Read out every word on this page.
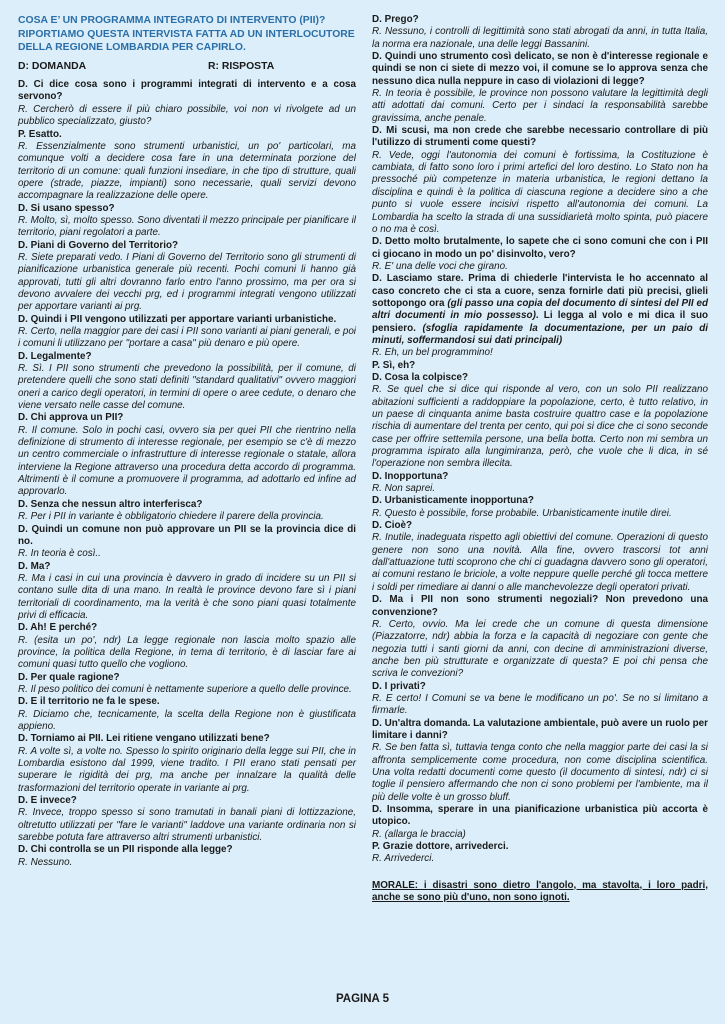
COSA E’ UN PROGRAMMA INTEGRATO DI INTERVENTO (PII)?
RIPORTIAMO QUESTA INTERVISTA FATTA AD UN INTERLOCUTORE DELLA REGIONE LOMBARDIA PER CAPIRLO.

D: DOMANDA	R: RISPOSTA

D. Ci dice cosa sono i programmi integrati di intervento e a cosa servono?

R. Cercherò di essere il più chiaro possibile, voi non vi rivolgete ad un pubblico specializzato, giusto?

P. Esatto.

R. Essenzialmente sono strumenti urbanistici, un po' particolari, ma comunque volti a decidere cosa fare in una determinata porzione del territorio di un comune: quali funzioni insediare, in che tipo di strutture, quali opere (strade, piazze, impianti) sono necessarie, quali servizi devono accompagnare la realizzazione delle opere.

D. Si usano spesso?

R. Molto, sì, molto spesso. Sono diventati il mezzo principale per pianificare il territorio, piani regolatori a parte.

D. Piani di Governo del Territorio?

R. Siete preparati vedo. I Piani di Governo del Territorio sono gli strumenti di pianificazione urbanistica generale più recenti. Pochi comuni li hanno già approvati, tutti gli altri dovranno farlo entro l'anno prossimo, ma per ora si devono avvalere dei vecchi prg, ed i programmi integrati vengono utilizzati per apportare varianti ai prg.

D. Quindi i PII vengono utilizzati per apportare varianti urbanistiche.

R. Certo, nella maggior pare dei casi i PII sono varianti ai piani generali, e poi i comuni li utilizzano per "portare a casa" più denaro e più opere.

D. Legalmente?

R. Sì. I PII sono strumenti che prevedono la possibilità, per il comune, di pretendere quelli che sono stati definiti "standard qualitativi" ovvero maggiori oneri a carico degli operatori, in termini di opere o aree cedute, o denaro che viene versato nelle casse del comune.

D. Chi approva un PII?

R. Il comune. Solo in pochi casi, ovvero sia per quei PII che rientrino nella definizione di strumento di interesse regionale, per esempio se c'è di mezzo un centro commerciale o infrastrutture di interesse regionale o statale, allora interviene la Regione attraverso una procedura detta accordo di programma. Altrimenti è il comune a promuovere il programma, ad adottarlo ed infine ad approvarlo.

D. Senza che nessun altro interferisca?

R. Per i PII in variante è obbligatorio chiedere il parere della provincia.

D. Quindi un comune non può approvare un PII se la provincia dice di no.

R. In teoria è così..

D. Ma?

R. Ma i casi in cui una provincia è davvero in grado di incidere su un PII si contano sulle dita di una mano. In realtà le province devono fare sì i piani territoriali di coordinamento, ma la verità è che sono piani quasi totalmente privi di efficacia.

D. Ah! E perché?

R. (esita un po', ndr) La legge regionale non lascia molto spazio alle province, la politica della Regione, in tema di territorio, è di lasciar fare ai comuni quasi tutto quello che vogliono.

D. Per quale ragione?

R. Il peso politico dei comuni è nettamente superiore a quello delle province.

D. E il territorio ne fa le spese.

R. Diciamo che, tecnicamente, la scelta della Regione non è giustificata appieno.

D. Torniamo ai PII. Lei ritiene vengano utilizzati bene?

R. A volte sì, a volte no. Spesso lo spirito originario della legge sui PII, che in Lombardia esistono dal 1999, viene tradito. I PII erano stati pensati per superare le rigidità dei prg, ma anche per innalzare la qualità delle trasformazioni del territorio operate in variante ai prg.

D. E invece?

R. Invece, troppo spesso si sono tramutati in banali piani di lottizzazione, oltretutto utilizzati per "fare le varianti" laddove una variante ordinaria non si sarebbe potuta fare attraverso altri strumenti urbanistici.

D. Chi controlla se un PII risponde alla legge?

R. Nessuno.

D. Prego?

R. Nessuno, i controlli di legittimità sono stati abrogati da anni, in tutta Italia, la norma era nazionale, una delle leggi Bassanini.

D. Quindi uno strumento così delicato, se non è d'interesse regionale e quindi se non ci siete di mezzo voi, il comune se lo approva senza che nessuno dica nulla neppure in caso di violazioni di legge?

R. In teoria è possibile, le province non possono valutare la legittimità degli atti adottati dai comuni. Certo per i sindaci la responsabilità sarebbe gravissima, anche penale.

D. Mi scusi, ma non crede che sarebbe necessario controllare di più l'utilizzo di strumenti come questi?

R. Vede, oggi l'autonomia dei comuni è fortissima, la Costituzione è cambiata, di fatto sono loro i primi artefici del loro destino. Lo Stato non ha pressoché più competenze in materia urbanistica, le regioni dettano la disciplina e quindi è la politica di ciascuna regione a decidere sino a che punto si vuole essere incisivi rispetto all'autonomia dei comuni. La Lombardia ha scelto la strada di una sussidiarietà molto spinta, può piacere o no ma è così.

D. Detto molto brutalmente, lo sapete che ci sono comuni che con i PII ci giocano in modo un po' disinvolto, vero?

R. E' una delle voci che girano.

D. Lasciamo stare. Prima di chiederle l'intervista le ho accennato al caso concreto che ci sta a cuore, senza fornirle dati più precisi, glieli sottopongo ora (gli passo una copia del documento di sintesi del PII ed altri documenti in mio possesso). Li legga al volo e mi dica il suo pensiero. (sfoglia rapidamente la documentazione, per un paio di minuti, soffermandosi sui dati principali)

R. Eh, un bel programmino!

P. Sì, eh?

D. Cosa la colpisce?

R. Se quel che si dice qui risponde al vero, con un solo PII realizzano abitazioni sufficienti a raddoppiare la popolazione, certo, è tutto relativo, in un paese di cinquanta anime basta costruire quattro case e la popolazione rischia di aumentare del trenta per cento, qui poi si dice che ci sono seconde case per offrire settemila persone, una bella botta. Certo non mi sembra un programma ispirato alla lungimiranza, però, che vuole che li dica, in sé l'operazione non sembra illecita.

D. Inopportuna?

R. Non saprei.

D. Urbanisticamente inopportuna?

R. Questo è possibile, forse probabile. Urbanisticamente inutile direi.

D. Cioè?

R. Inutile, inadeguata rispetto agli obiettivi del comune. Operazioni di questo genere non sono una novità. Alla fine, ovvero trascorsi tot anni dall'attuazione tutti scoprono che chi ci guadagna davvero sono gli operatori, ai comuni restano le briciole, a volte neppure quelle perché gli tocca mettere i soldi per rimediare ai danni o alle manchevolezze degli operatori privati.

D. Ma i PII non sono strumenti negoziali? Non prevedono una convenzione?

R. Certo, ovvio. Ma lei crede che un comune di questa dimensione (Piazzatorre, ndr) abbia la forza e la capacità di negoziare con gente che negozia tutti i santi giorni da anni, con decine di amministrazioni diverse, anche ben più strutturate e organizzate di questa? E poi chi pensa che scriva le convezioni?

D. I privati?

R. E certo! I Comuni se va bene le modificano un po'. Se no si limitano a firmarle.

D. Un'altra domanda. La valutazione ambientale, può avere un ruolo per limitare i danni?

R. Se ben fatta sì, tuttavia tenga conto che nella maggior parte dei casi la si affronta semplicemente come procedura, non come disciplina scientifica. Una volta redatti documenti come questo (il documento di sintesi, ndr) ci si toglie il pensiero affermando che non ci sono problemi per l'ambiente, ma il più delle volte è un grosso bluff.

D. Insomma, sperare in una pianificazione urbanistica più accorta è utopico.

R. (allarga le braccia)

P. Grazie dottore, arrivederci.

R. Arrivederci.

MORALE: i disastri sono dietro l'angolo, ma stavolta, i loro padri, anche se sono più d'uno, non sono ignoti.

PAGINA 5
